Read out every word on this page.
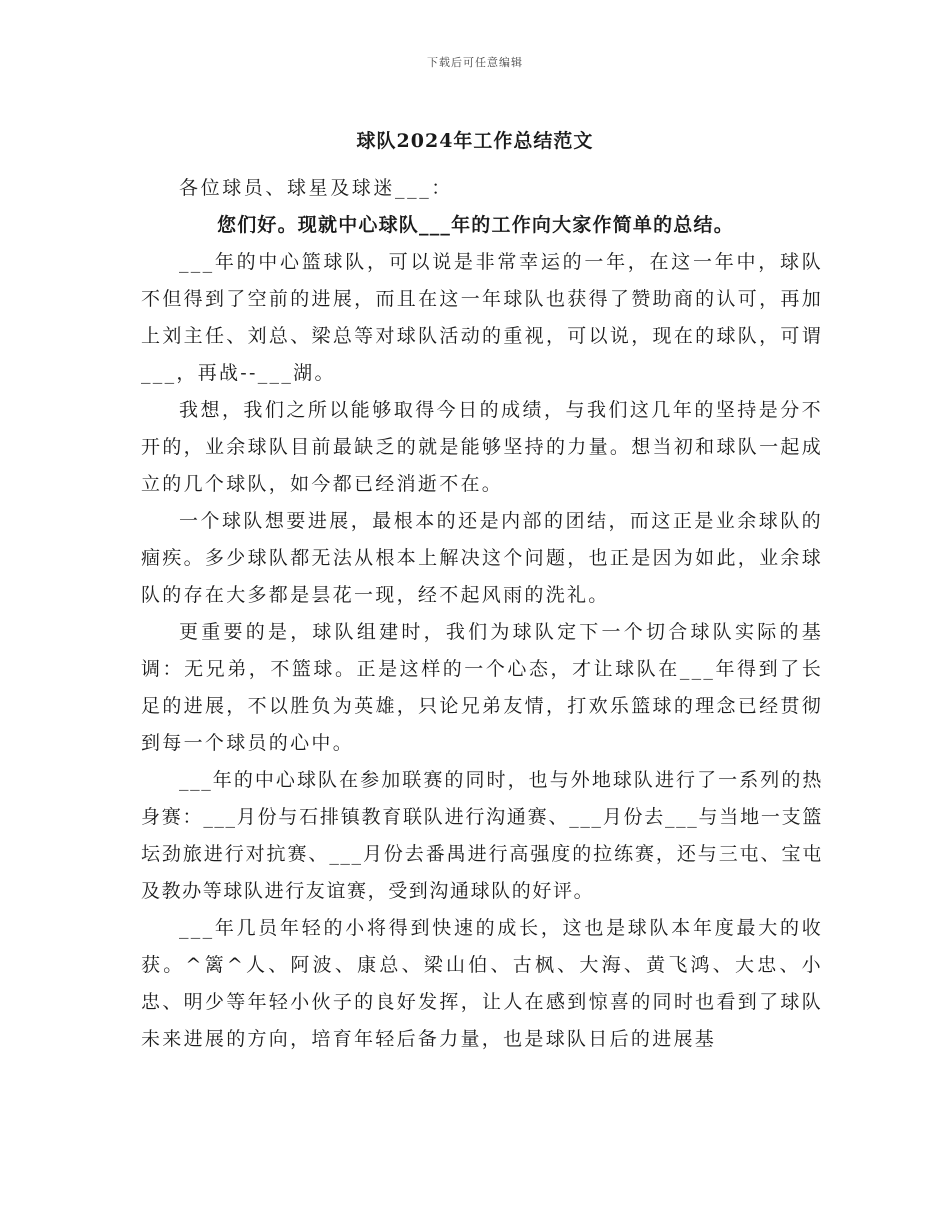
下载后可任意编辑
球队2024年工作总结范文

各位球员、球星及球迷___：

您们好。现就中心球队___年的工作向大家作简单的总结。

___年的中心篮球队，可以说是非常幸运的一年，在这一年中，球队不但得到了空前的进展，而且在这一年球队也获得了赞助商的认可，再加上刘主任、刘总、梁总等对球队活动的重视，可以说，现在的球队，可谓___，再战--___湖。

我想，我们之所以能够取得今日的成绩，与我们这几年的坚持是分不开的，业余球队目前最缺乏的就是能够坚持的力量。想当初和球队一起成立的几个球队，如今都已经消逝不在。

一个球队想要进展，最根本的还是内部的团结，而这正是业余球队的痼疾。多少球队都无法从根本上解决这个问题，也正是因为如此，业余球队的存在大多都是昙花一现，经不起风雨的洗礼。

更重要的是，球队组建时，我们为球队定下一个切合球队实际的基调：无兄弟，不篮球。正是这样的一个心态，才让球队在___年得到了长足的进展，不以胜负为英雄，只论兄弟友情，打欢乐篮球的理念已经贯彻到每一个球员的心中。

___年的中心球队在参加联赛的同时，也与外地球队进行了一系列的热身赛：___月份与石排镇教育联队进行沟通赛、___月份去___与当地一支篮坛劲旅进行对抗赛、___月份去番禺进行高强度的拉练赛，还与三屯、宝屯及教办等球队进行友谊赛，受到沟通球队的好评。

___年几员年轻的小将得到快速的成长，这也是球队本年度最大的收获。^篱^人、阿波、康总、梁山伯、古枫、大海、黄飞鸿、大忠、小忠、明少等年轻小伙子的良好发挥，让人在感到惊喜的同时也看到了球队未来进展的方向，培育年轻后备力量，也是球队日后的进展基
